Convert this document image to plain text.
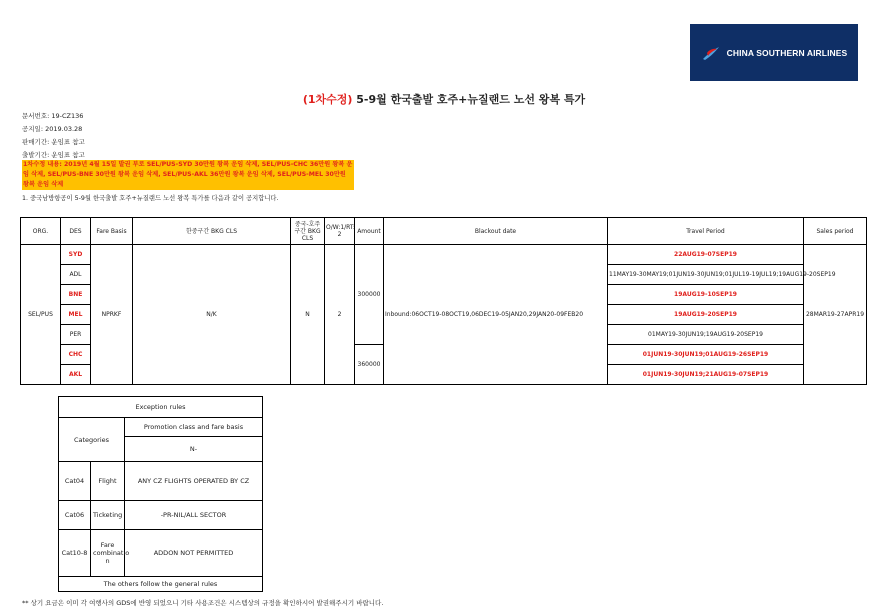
CHINA SOUTHERN AIRLINES
(1차수정) 5-9월 한국출발 호주+뉴질랜드 노선 왕복 특가
문서번호: 19-CZ136
공지일: 2019.03.28
판매기간: 운임표 참고
출발기간: 운임표 참고
1차수정 내용: 2019년 4월 15일 발권 부로 SEL/PUS-SYD 30만원 왕복 운임 삭제, SEL/PUS-CHC 36만원 왕복 운임 삭제, SEL/PUS-BNE 30만원 왕복 운임 삭제, SEL/PUS-AKL 36만원 왕복 운임 삭제, SEL/PUS-MEL 30만원 왕복 운임 삭제
1. 중국남방항공이 5-9월 한국출발 호주+뉴질랜드 노선 왕복 특가를 다음과 같이 공지합니다.
ORG.	DES	Fare Basis	한중구간 BKG CLS	중국-호주 구간 BKG CLS	O/W:1/RT: 2	Amount	Blackout date	Travel Period	Sales period
SEL/PUS	SYD	NPRKF	N/K	N	2	300000	Inbound:06OCT19-08OCT19,06DEC19-05JAN20,29JAN20-09FEB20	22AUG19-07SEP19	28MAR19-27APR19
	ADL							11MAY19-30MAY19;01JUN19-30JUN19;01JUL19-19JUL19;19AUG19-20SEP19	
	BNE							19AUG19-10SEP19	
	MEL							19AUG19-20SEP19	
	PER							01MAY19-30JUN19;19AUG19-20SEP19	
	CHC					360000		01JUN19-30JUN19;01AUG19-26SEP19	
	AKL							01JUN19-30JUN19;21AUG19-07SEP19	
Exception rules		
Categories		Promotion class and fare basis
		N-
Cat04	Flight	ANY CZ FLIGHTS OPERATED BY CZ
Cat06	Ticketing	-PR-NIL/ALL SECTOR
Cat10-8	Fare combinatio n	ADDON NOT PERMITTED
The others follow the general rules		
** 상기 요금은 이미 각 여행사의 GDS에 반영 되었으니 기타 사용조건은 시스템상의 규정을 확인하시어 발권해주시기 바랍니다.
